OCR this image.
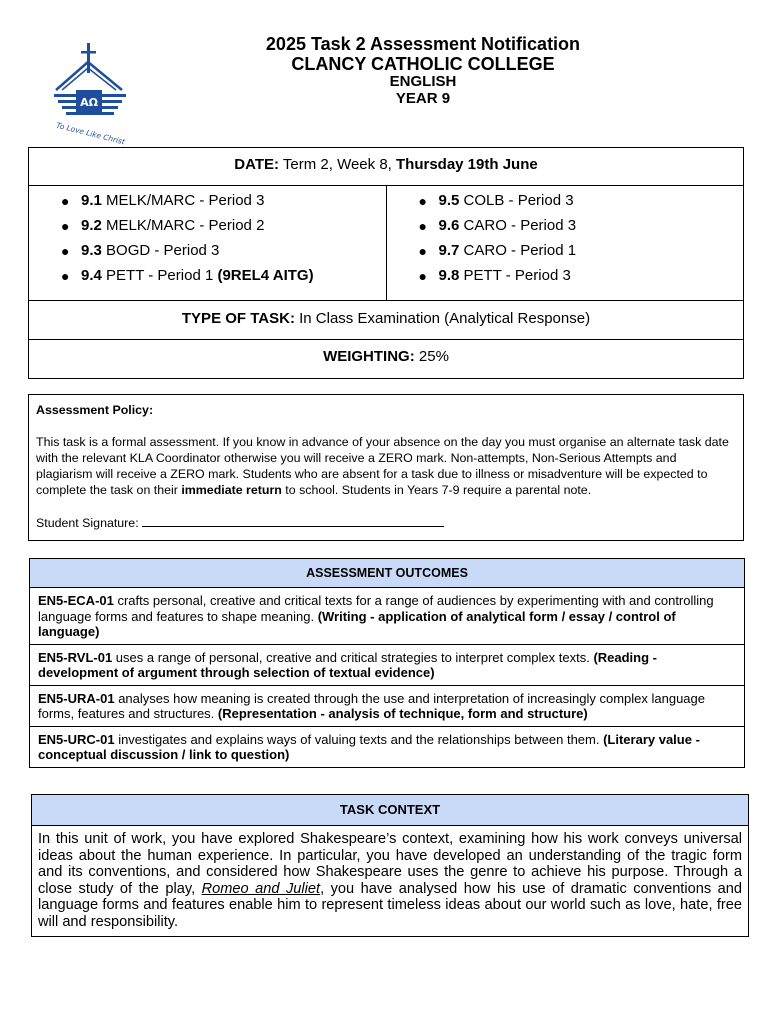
AΩ
To Love Like Christ
2025 Task 2 Assessment Notification
CLANCY CATHOLIC COLLEGE
ENGLISH
YEAR 9
DATE: Term 2, Week 8, Thursday 19th June
● 9.1 MELK/MARC - Period 3
● 9.2 MELK/MARC - Period 2
● 9.3 BOGD - Period 3
● 9.4 PETT - Period 1 (9REL4 AITG)
● 9.5 COLB - Period 3
● 9.6 CARO - Period 3
● 9.7 CARO - Period 1
● 9.8 PETT - Period 3
TYPE OF TASK: In Class Examination (Analytical Response)
WEIGHTING: 25%
Assessment Policy:
This task is a formal assessment. If you know in advance of your absence on the day you must organise an alternate task date with the relevant KLA Coordinator otherwise you will receive a ZERO mark. Non-attempts, Non-Serious Attempts and plagiarism will receive a ZERO mark. Students who are absent for a task due to illness or misadventure will be expected to complete the task on their immediate return to school. Students in Years 7-9 require a parental note.
Student Signature:
ASSESSMENT OUTCOMES
EN5-ECA-01 crafts personal, creative and critical texts for a range of audiences by experimenting with and controlling language forms and features to shape meaning. (Writing - application of analytical form / essay / control of language)
EN5-RVL-01 uses a range of personal, creative and critical strategies to interpret complex texts. (Reading - development of argument through selection of textual evidence)
EN5-URA-01 analyses how meaning is created through the use and interpretation of increasingly complex language forms, features and structures. (Representation - analysis of technique, form and structure)
EN5-URC-01 investigates and explains ways of valuing texts and the relationships between them. (Literary value - conceptual discussion / link to question)
TASK CONTEXT
In this unit of work, you have explored Shakespeare’s context, examining how his work conveys universal ideas about the human experience. In particular, you have developed an understanding of the tragic form and its conventions, and considered how Shakespeare uses the genre to achieve his purpose. Through a close study of the play, Romeo and Juliet, you have analysed how his use of dramatic conventions and language forms and features enable him to represent timeless ideas about our world such as love, hate, free will and responsibility.
